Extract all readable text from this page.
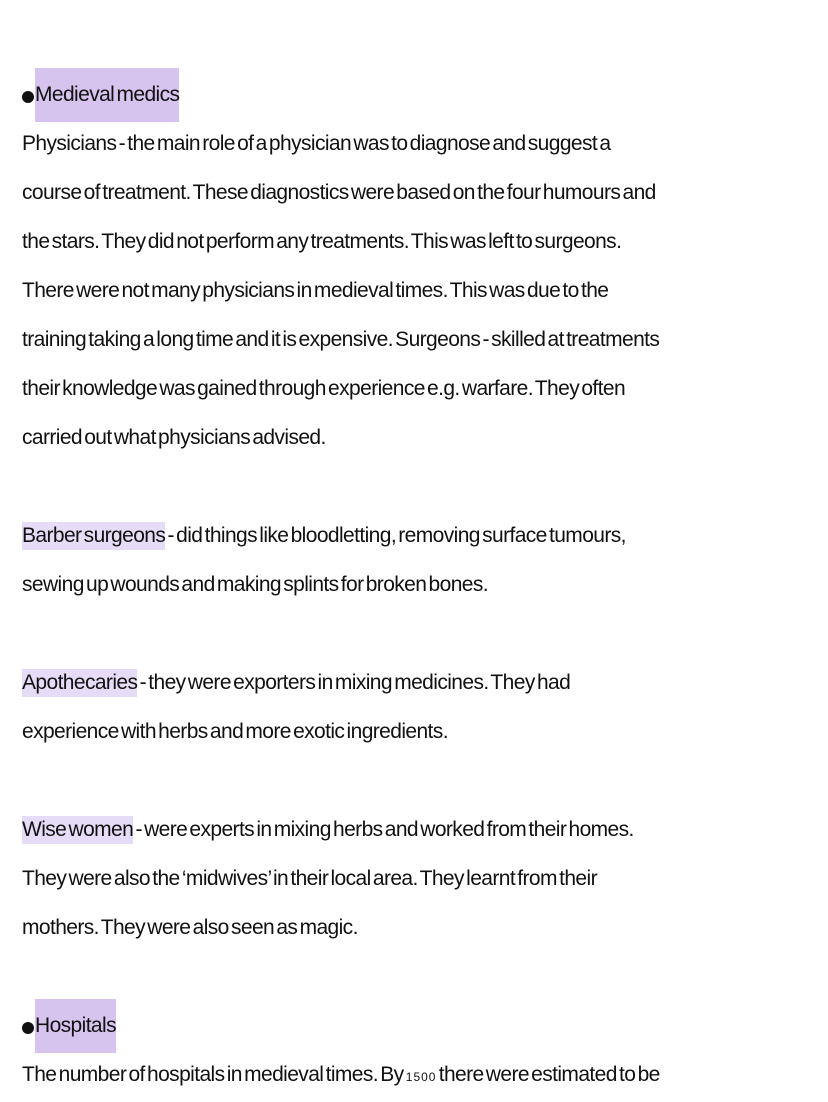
Medieval medics
Physicians - the main role of a physician was to diagnose and suggest a
course of treatment. These diagnostics were based on the four humours and
the stars. They did not perform any treatments. This was left to surgeons.
There were not many physicians in medieval times. This was due to the
training taking a long time and it is expensive. Surgeons - skilled at treatments
their knowledge was gained through experience e.g. warfare. They often
carried out what physicians advised.
Barber surgeons - did things like bloodletting, removing surface tumours,
sewing up wounds and making splints for broken bones.
Apothecaries - they were exporters in mixing medicines. They had
experience with herbs and more exotic ingredients.
Wise women - were experts in mixing herbs and worked from their homes.
They were also the ‘midwives’ in their local area. They learnt from their
mothers. They were also seen as magic.
Hospitals
The number of hospitals in medieval times. By 1500 there were estimated to be
